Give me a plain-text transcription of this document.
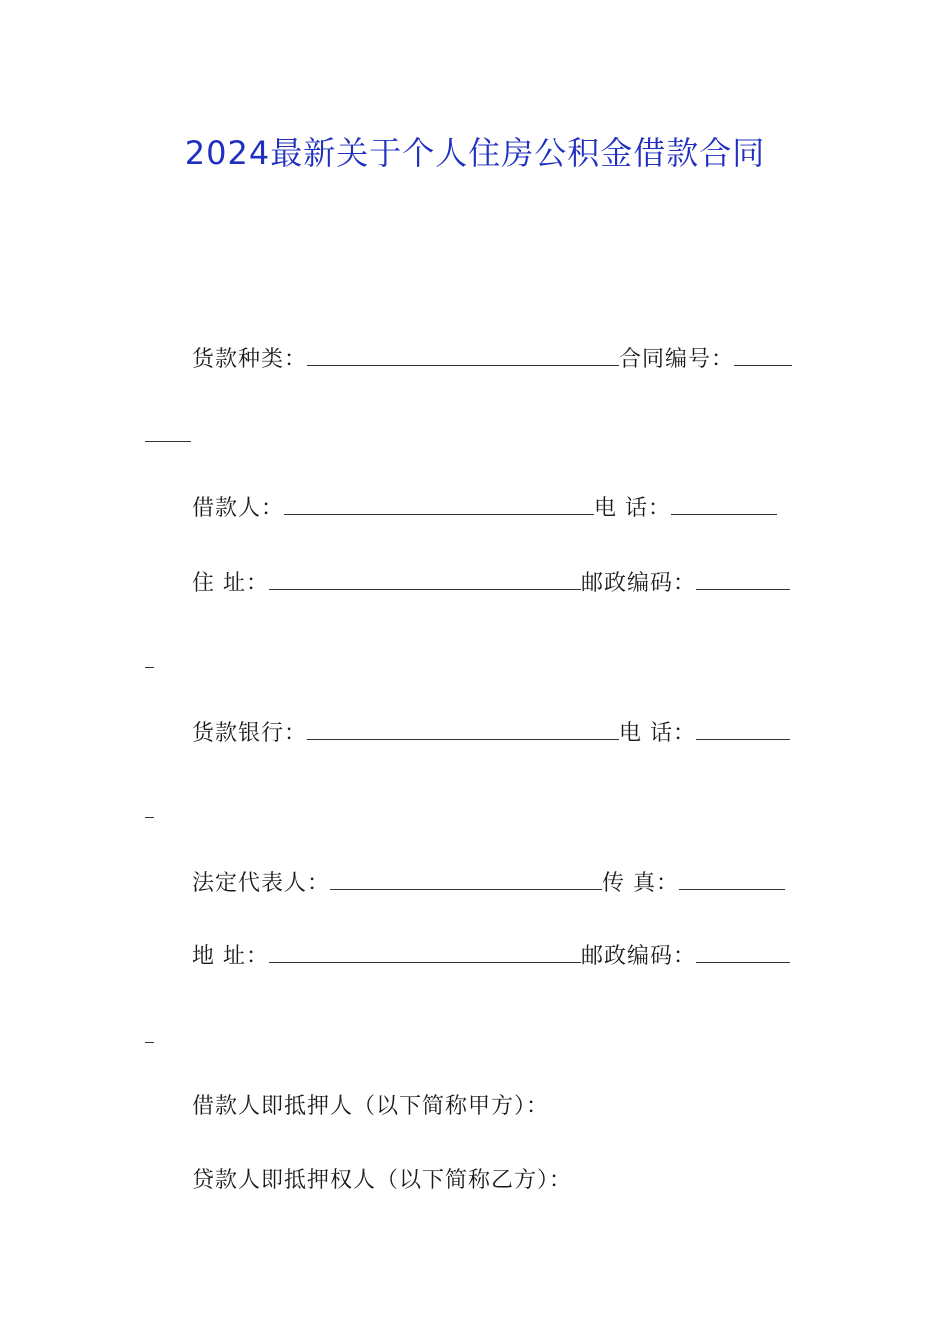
2024最新关于个人住房公积金借款合同
货款种类：	合同编号：
借款人：	电 话：
住 址：	邮政编码：
货款银行：	电 话：
法定代表人：	传 真：
地 址：	邮政编码：
借款人即抵押人（以下简称甲方）：
贷款人即抵押权人（以下简称乙方）：
